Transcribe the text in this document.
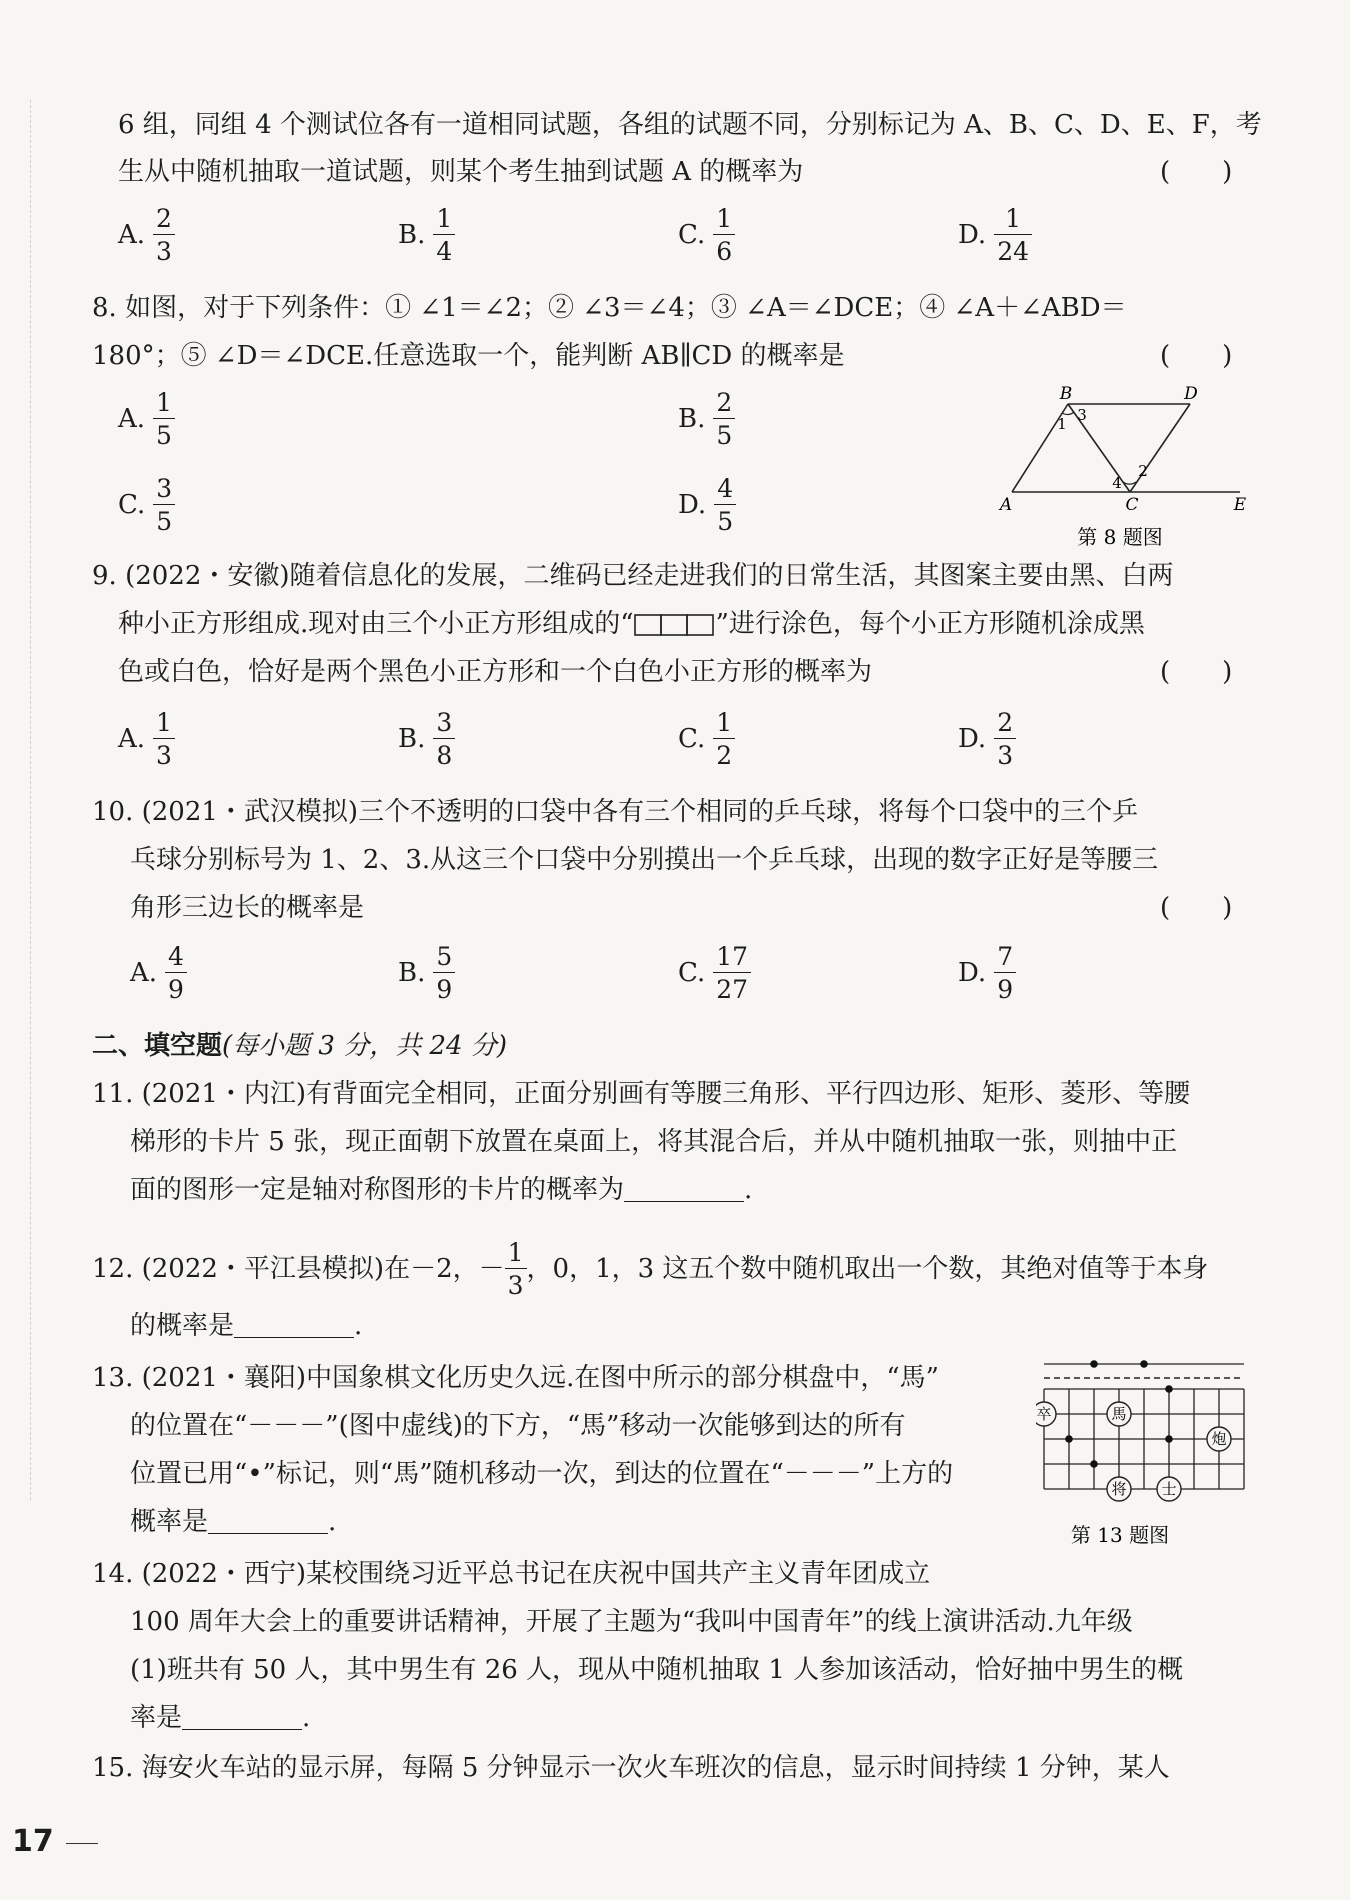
6 组，同组 4 个测试位各有一道相同试题，各组的试题不同，分别标记为 A、B、C、D、E、F，考
生从中随机抽取一道试题，则某个考生抽到试题 A 的概率为	(　　)
A. $\frac{2}{3}$	B. $\frac{1}{4}$	C. $\frac{1}{6}$	D. $\frac{1}{24}$
8. 如图，对于下列条件：① ∠1＝∠2；② ∠3＝∠4；③ ∠A＝∠DCE；④ ∠A＋∠ABD＝
180°；⑤ ∠D＝∠DCE.任意选取一个，能判断 AB∥CD 的概率是	(　　)
A. $\frac{1}{5}$	B. $\frac{2}{5}$
C. $\frac{3}{5}$	D. $\frac{4}{5}$
B	D
A	C	E
1 3
2
4
第 8 题图
9. (2022・安徽)随着信息化的发展，二维码已经走进我们的日常生活，其图案主要由黑、白两
种小正方形组成.现对由三个小正方形组成的“	”进行涂色，每个小正方形随机涂成黑
色或白色，恰好是两个黑色小正方形和一个白色小正方形的概率为	(　　)
A. $\frac{1}{3}$	B. $\frac{3}{8}$	C. $\frac{1}{2}$	D. $\frac{2}{3}$
10. (2021・武汉模拟)三个不透明的口袋中各有三个相同的乒乓球，将每个口袋中的三个乒
乓球分别标号为 1、2、3.从这三个口袋中分别摸出一个乒乓球，出现的数字正好是等腰三
角形三边长的概率是	(　　)
A. $\frac{4}{9}$	B. $\frac{5}{9}$	C. $\frac{17}{27}$	D. $\frac{7}{9}$
二、填空题(每小题 3 分，共 24 分)
11. (2021・内江)有背面完全相同，正面分别画有等腰三角形、平行四边形、矩形、菱形、等腰
梯形的卡片 5 张，现正面朝下放置在桌面上，将其混合后，并从中随机抽取一张，则抽中正
面的图形一定是轴对称图形的卡片的概率为	.
12. (2022・平江县模拟)在－2，－ $\frac{1}{3}$ ，0，1，3 这五个数中随机取出一个数，其绝对值等于本身
的概率是	.
13. (2021・襄阳)中国象棋文化历史久远.在图中所示的部分棋盘中，“馬”
的位置在“－－－”(图中虚线)的下方，“馬”移动一次能够到达的所有
位置已用“•”标记，则“馬”随机移动一次，到达的位置在“－－－”上方的
概率是	.
卒	馬
炮
将 士
第 13 题图
14. (2022・西宁)某校围绕习近平总书记在庆祝中国共产主义青年团成立
100 周年大会上的重要讲话精神，开展了主题为“我叫中国青年”的线上演讲活动.九年级
(1)班共有 50 人，其中男生有 26 人，现从中随机抽取 1 人参加该活动，恰好抽中男生的概
率是	.
15. 海安火车站的显示屏，每隔 5 分钟显示一次火车班次的信息，显示时间持续 1 分钟，某人
17
